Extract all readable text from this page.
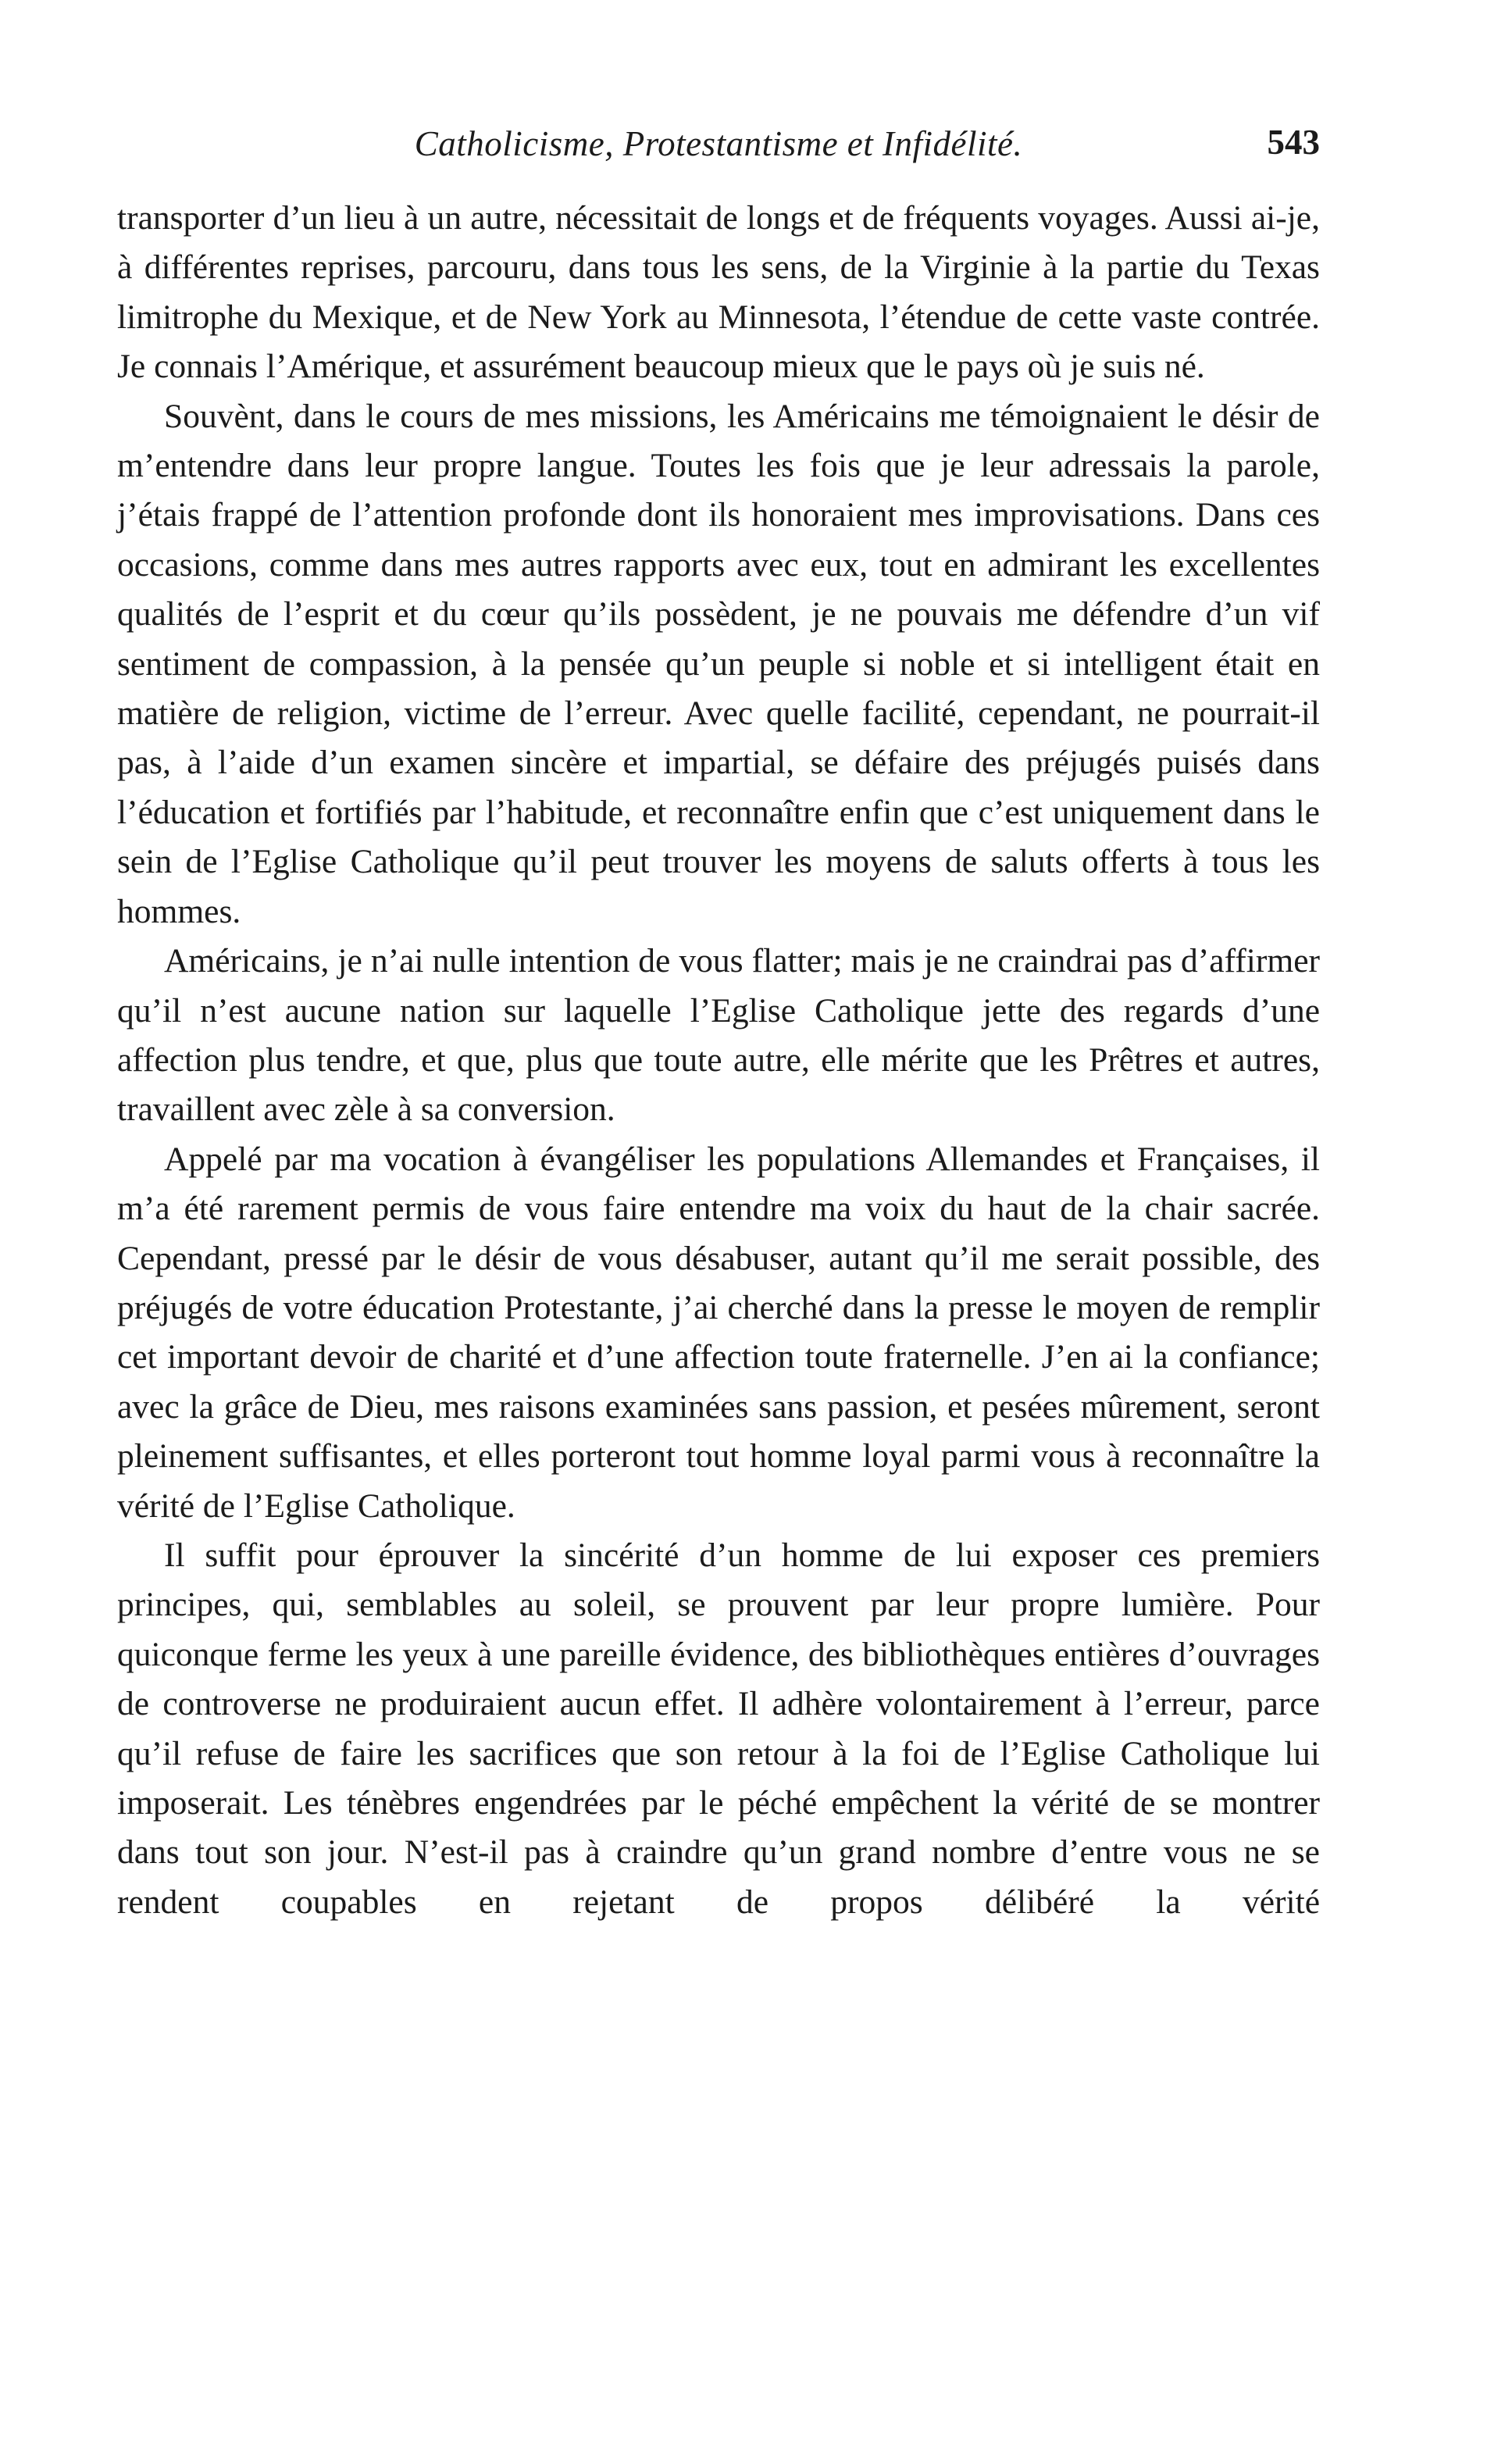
Catholicisme, Protestantisme et Infidélité.	543

transporter d’un lieu à un autre, nécessitait de longs et de fréquents voyages. Aussi ai-je, à différentes reprises, parcouru, dans tous les sens, de la Virginie à la partie du Texas limitrophe du Mexique, et de New York au Minnesota, l’étendue de cette vaste contrée. Je connais l’Amérique, et assurément beaucoup mieux que le pays où je suis né.

Souvènt, dans le cours de mes missions, les Américains me témoignaient le désir de m’entendre dans leur propre langue. Toutes les fois que je leur adressais la parole, j’étais frappé de l’attention profonde dont ils honoraient mes improvisations. Dans ces occasions, comme dans mes autres rapports avec eux, tout en admirant les excellentes qualités de l’esprit et du cœur qu’ils possèdent, je ne pouvais me défendre d’un vif sentiment de compassion, à la pensée qu’un peuple si noble et si intelligent était en matière de religion, victime de l’erreur. Avec quelle facilité, cependant, ne pourrait-il pas, à l’aide d’un examen sincère et impartial, se défaire des préjugés puisés dans l’éducation et fortifiés par l’habitude, et reconnaître enfin que c’est uniquement dans le sein de l’Eglise Catholique qu’il peut trouver les moyens de saluts offerts à tous les hommes.

Américains, je n’ai nulle intention de vous flatter; mais je ne craindrai pas d’affirmer qu’il n’est aucune nation sur laquelle l’Eglise Catholique jette des regards d’une affection plus tendre, et que, plus que toute autre, elle mérite que les Prêtres et autres, travaillent avec zèle à sa conversion.

Appelé par ma vocation à évangéliser les populations Allemandes et Françaises, il m’a été rarement permis de vous faire entendre ma voix du haut de la chair sacrée. Cependant, pressé par le désir de vous désabuser, autant qu’il me serait possible, des préjugés de votre éducation Protestante, j’ai cherché dans la presse le moyen de remplir cet important devoir de charité et d’une affection toute fraternelle. J’en ai la confiance; avec la grâce de Dieu, mes raisons examinées sans passion, et pesées mûrement, seront pleinement suffisantes, et elles porteront tout homme loyal parmi vous à reconnaître la vérité de l’Eglise Catholique.

Il suffit pour éprouver la sincérité d’un homme de lui exposer ces premiers principes, qui, semblables au soleil, se prouvent par leur propre lumière. Pour quiconque ferme les yeux à une pareille évidence, des bibliothèques entières d’ouvrages de controverse ne produiraient aucun effet. Il adhère volontairement à l’erreur, parce qu’il refuse de faire les sacrifices que son retour à la foi de l’Eglise Catholique lui imposerait. Les ténèbres engendrées par le péché empêchent la vérité de se montrer dans tout son jour. N’est-il pas à craindre qu’un grand nombre d’entre vous ne se rendent coupables en rejetant de propos délibéré la vérité
